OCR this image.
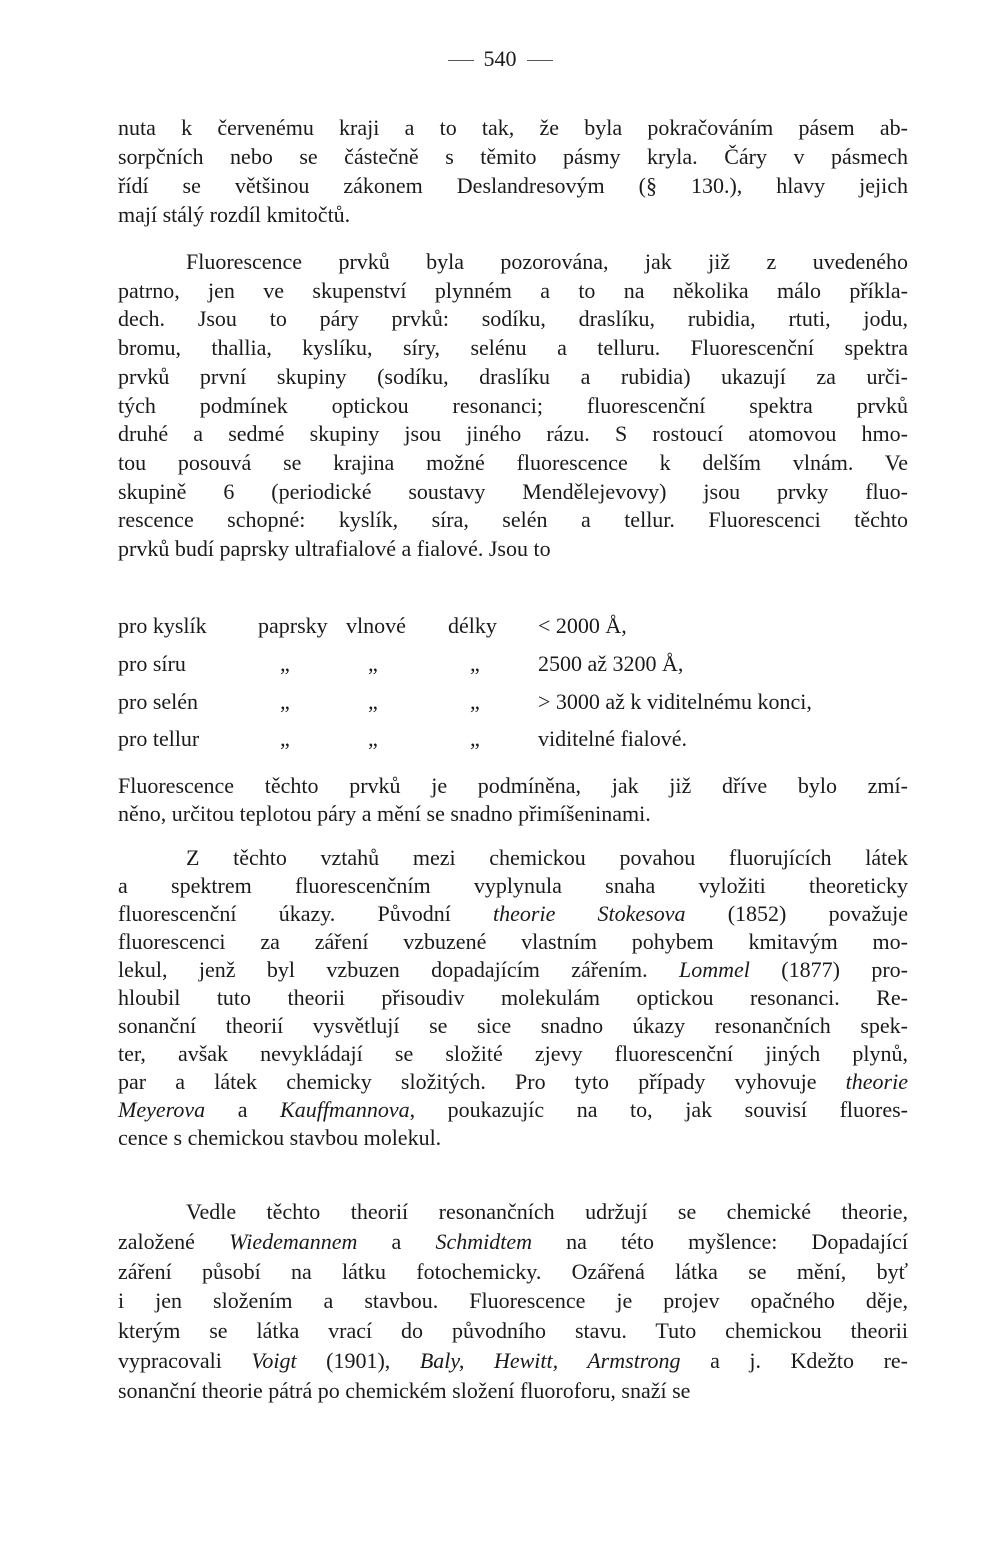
540
nuta k červenému kraji a to tak, že byla pokračováním pásem ab-
sorpčních nebo se částečně s těmito pásmy kryla. Čáry v pásmech
řídí se většinou zákonem Deslandresovým (§ 130.), hlavy jejich
mají stálý rozdíl kmitočtů.
Fluorescence prvků byla pozorována, jak již z uvedeného
patrno, jen ve skupenství plynném a to na několika málo příkla-
dech. Jsou to páry prvků: sodíku, draslíku, rubidia, rtuti, jodu,
bromu, thallia, kyslíku, síry, selénu a telluru. Fluorescenční spektra
prvků první skupiny (sodíku, draslíku a rubidia) ukazují za urči-
tých podmínek optickou resonanci; fluorescenční spektra prvků
druhé a sedmé skupiny jsou jiného rázu. S rostoucí atomovou hmo-
tou posouvá se krajina možné fluorescence k delším vlnám. Ve
skupině 6 (periodické soustavy Mendělejevovy) jsou prvky fluo-
rescence schopné: kyslík, síra, selén a tellur. Fluorescenci těchto
prvků budí paprsky ultrafialové a fialové. Jsou to
Fluorescence těchto prvků je podmíněna, jak již dříve bylo zmí-
něno, určitou teplotou páry a mění se snadno přimíšeninami.
Z těchto vztahů mezi chemickou povahou fluorujících látek
a spektrem fluorescenčním vyplynula snaha vyložiti theoreticky
fluorescenční úkazy. Původní theorie Stokesova (1852) považuje
fluorescenci za záření vzbuzené vlastním pohybem kmitavým mo-
lekul, jenž byl vzbuzen dopadajícím zářením. Lommel (1877) pro-
hloubil tuto theorii přisoudiv molekulám optickou resonanci. Re-
sonanční theorií vysvětlují se sice snadno úkazy resonančních spek-
ter, avšak nevykládají se složité zjevy fluorescenční jiných plynů,
par a látek chemicky složitých. Pro tyto případy vyhovuje theorie
Meyerova a Kauffmannova, poukazujíc na to, jak souvisí fluores-
cence s chemickou stavbou molekul.
Vedle těchto theorií resonančních udržují se chemické theorie,
založené Wiedemannem a Schmidtem na této myšlence: Dopadající
záření působí na látku fotochemicky. Ozářená látka se mění, byť
i jen složením a stavbou. Fluorescence je projev opačného děje,
kterým se látka vrací do původního stavu. Tuto chemickou theorii
vypracovali Voigt (1901), Baly, Hewitt, Armstrong a j. Kdežto re-
sonanční theorie pátrá po chemickém složení fluoroforu, snaží se
pro kyslík paprsky vlnové délky < 2000 Å,
pro síru	„	„	„	2500 až 3200 Å,
pro selén	„	„	„	> 3000 až k viditelnému konci,
pro tellur	„	„	„	viditelné fialové.
